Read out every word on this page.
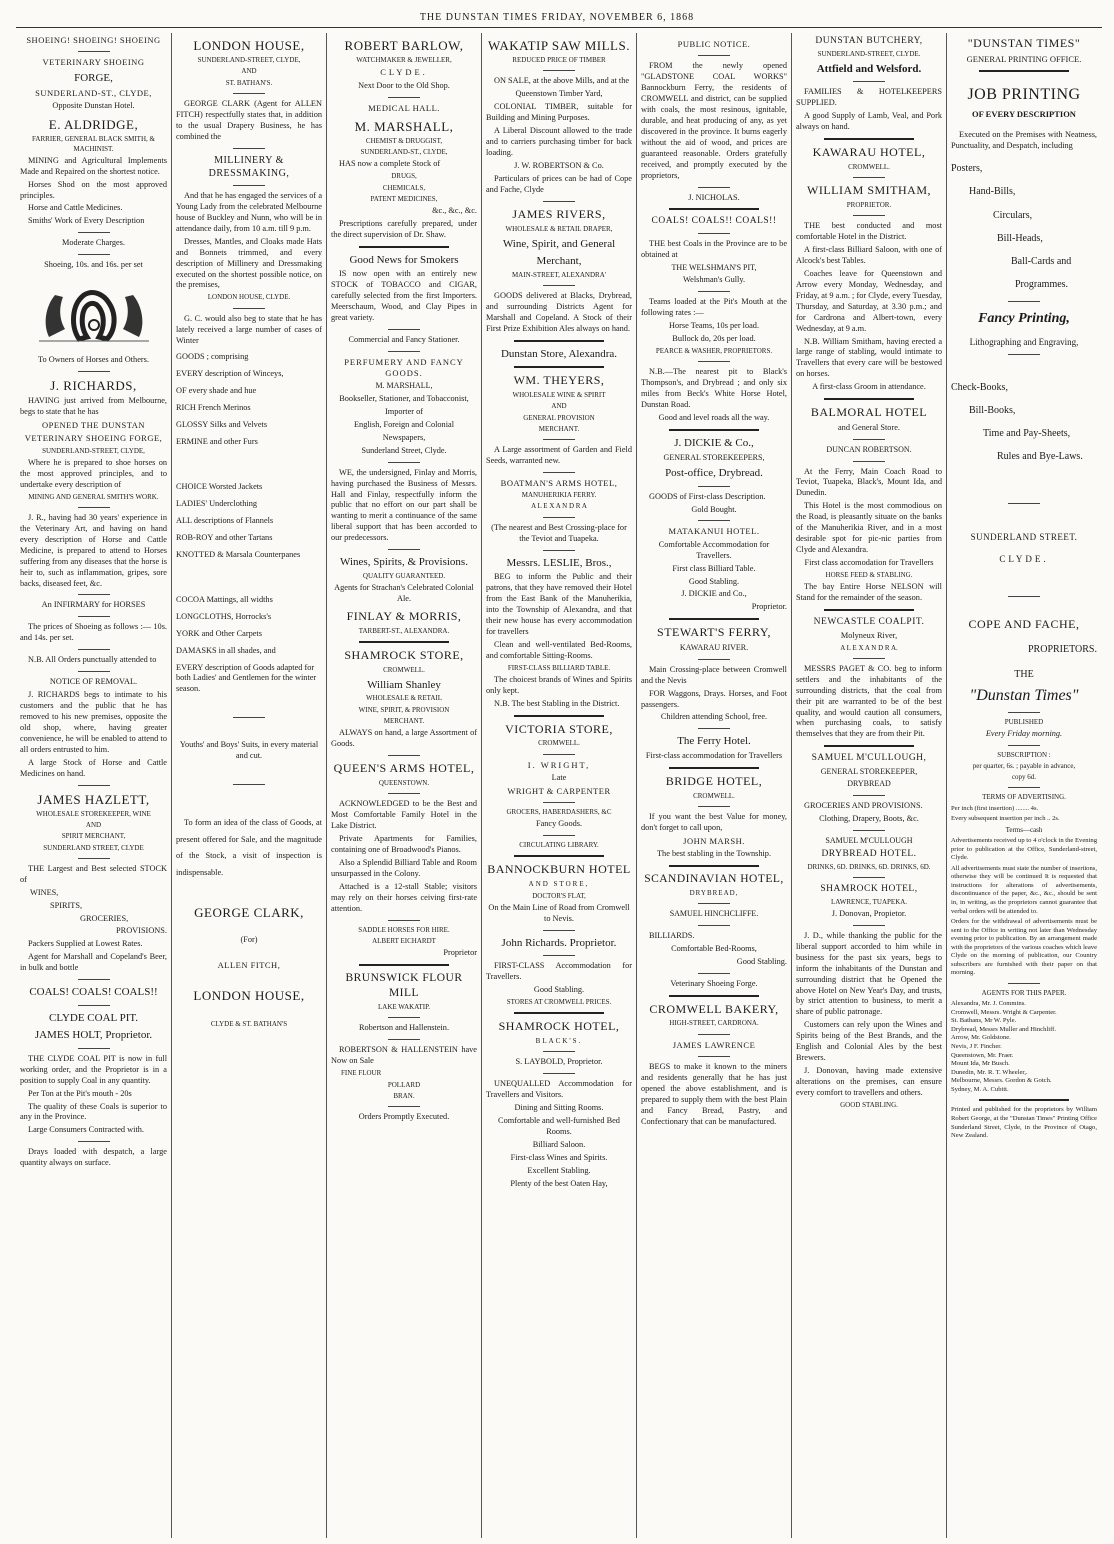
THE DUNSTAN TIMES FRIDAY, NOVEMBER 6, 1868
SHOEING! SHOEING! SHOEING
VETERINARY SHOEING
FORGE,
SUNDERLAND-ST., CLYDE,
Opposite Dunstan Hotel.
E. ALDRIDGE,
FARRIER, GENERAL BLACK SMITH, & MACHINIST.
MINING and Agricultural Implements Made and Repaired on the shortest notice.
Horses Shod on the most approved principles.
Horse and Cattle Medicines.
Smiths' Work of Every Description
Moderate Charges.
Shoeing, 10s. and 16s. per set
To Owners of Horses and Others.
J. RICHARDS,
HAVING just arrived from Melbourne, begs to state that he has
OPENED THE DUNSTAN
VETERINARY SHOEING FORGE,
SUNDERLAND-STREET, CLYDE,
Where he is prepared to shoe horses on the most approved principles, and to undertake every description of
MINING AND GENERAL SMITH'S WORK.
J. R., having had 30 years' experience in the Veterinary Art, and having on hand every description of Horse and Cattle Medicine, is prepared to attend to Horses suffering from any diseases that the horse is heir to, such as inflammation, gripes, sore backs, diseased feet, &c.
An INFIRMARY for HORSES
The prices of Shoeing as follows :— 10s. and 14s. per set.
N.B. All Orders punctually attended to
NOTICE OF REMOVAL.
J. RICHARDS begs to intimate to his customers and the public that he has removed to his new premises, opposite the old shop, where, having greater convenience, he will be enabled to attend to all orders entrusted to him.
A large Stock of Horse and Cattle Medicines on hand.
JAMES HAZLETT,
WHOLESALE STOREKEEPER, WINE
AND
SPIRIT MERCHANT,
SUNDERLAND STREET, CLYDE
THE Largest and Best selected STOCK of
WINES,
SPIRITS,
GROCERIES,
PROVISIONS.
Packers Supplied at Lowest Rates.
Agent for Marshall and Copeland's Beer, in bulk and bottle
COALS! COALS! COALS!!
CLYDE COAL PIT.
JAMES HOLT, Proprietor.
THE CLYDE COAL PIT is now in full working order, and the Proprietor is in a position to supply Coal in any quantity.
Per Ton at the Pit's mouth - 20s
The quality of these Coals is superior to any in the Province.
Large Consumers Contracted with.
Drays loaded with despatch, a large quantity always on surface.
LONDON HOUSE,
SUNDERLAND-STREET, CLYDE,
AND
ST. BATHAN'S.
GEORGE CLARK (Agent for ALLEN FITCH) respectfully states that, in addition to the usual Drapery Business, he has combined the
MILLINERY & DRESSMAKING,
And that he has engaged the services of a Young Lady from the celebrated Melbourne house of Buckley and Nunn, who will be in attendance daily, from 10 a.m. till 9 p.m.
Dresses, Mantles, and Cloaks made Hats and Bonnets trimmed, and every description of Millinery and Dressmaking executed on the shortest possible notice, on the premises,
LONDON HOUSE, CLYDE.
G. C. would also beg to state that he has lately received a large number of cases of Winter
GOODS ; comprising
EVERY description of Winceys,
OF every shade and hue
RICH French Merinos
GLOSSY Silks and Velvets
ERMINE and other Furs
CHOICE Worsted Jackets
LADIES' Underclothing
ALL descriptions of Flannels
ROB-ROY and other Tartans
KNOTTED & Marsala Counterpanes
COCOA Mattings, all widths
LONGCLOTHS, Horrocks's
YORK and Other Carpets
DAMASKS in all shades, and
EVERY description of Goods adapted for both Ladies' and Gentlemen for the winter season.
Youths' and Boys' Suits, in every material and cut.
To form an idea of the class of Goods, at present offered for Sale, and the magnitude of the Stock, a visit of inspection is indispensable.
GEORGE CLARK,
(For)
ALLEN FITCH,
LONDON HOUSE,
CLYDE & ST. BATHAN'S
ROBERT BARLOW,
WATCHMAKER & JEWELLER,
CLYDE.
Next Door to the Old Shop.
MEDICAL HALL.
M. MARSHALL,
CHEMIST & DRUGGIST,
SUNDERLAND-ST., CLYDE,
HAS now a complete Stock of
DRUGS,
CHEMICALS,
PATENT MEDICINES,
&c., &c., &c.
Prescriptions carefully prepared, under the direct supervision of Dr. Shaw.
Good News for Smokers
IS now open with an entirely new STOCK of TOBACCO and CIGAR, carefully selected from the first Importers. Meerschaum, Wood, and Clay Pipes in great variety.
Commercial and Fancy Stationer.
PERFUMERY AND FANCY GOODS.
M. MARSHALL,
Bookseller, Stationer, and Tobacconist,
Importer of
English, Foreign and Colonial
Newspapers,
Sunderland Street, Clyde.
WE, the undersigned, Finlay and Morris, having purchased the Business of Messrs. Hall and Finlay, respectfully inform the public that no effort on our part shall be wanting to merit a continuance of the same liberal support that has been accorded to our predecessors.
Wines, Spirits, & Provisions.
QUALITY GUARANTEED.
Agents for Strachan's Celebrated Colonial Ale.
FINLAY & MORRIS,
TARBERT-ST., ALEXANDRA.
SHAMROCK STORE,
CROMWELL.
William Shanley
WHOLESALE & RETAIL
WINE, SPIRIT, & PROVISION
MERCHANT.
ALWAYS on hand, a large Assortment of Goods.
QUEEN'S ARMS HOTEL,
QUEENSTOWN.
ACKNOWLEDGED to be the Best and Most Comfortable Family Hotel in the Lake District.
Private Apartments for Families, containing one of Broadwood's Pianos.
Also a Splendid Billiard Table and Room unsurpassed in the Colony.
Attached is a 12-stall Stable; visitors may rely on their horses ceiving first-rate attention.
SADDLE HORSES FOR HIRE.
ALBERT EICHARDT
Proprietor
BRUNSWICK FLOUR MILL
LAKE WAKATIP.
Robertson and Hallenstein.
ROBERTSON & HALLENSTEIN have Now on Sale
FINE FLOUR
POLLARD
BRAN.
Orders Promptly Executed.
WAKATIP SAW MILLS.
REDUCED PRICE OF TIMBER
ON SALE, at the above Mills, and at the
Queenstown Timber Yard,
COLONIAL TIMBER, suitable for Building and Mining Purposes.
A Liberal Discount allowed to the trade and to carriers purchasing timber for back loading.
J. W. ROBERTSON & Co.
Particulars of prices can be had of Cope and Fache, Clyde
JAMES RIVERS,
WHOLESALE & RETAIL DRAPER,
Wine, Spirit, and General
Merchant,
MAIN-STREET, ALEXANDRA'
GOODS delivered at Blacks, Drybread, and surrounding Districts Agent for Marshall and Copeland. A Stock of their First Prize Exhibition Ales always on hand.
Dunstan Store, Alexandra.
WM. THEYERS,
WHOLESALE WINE & SPIRIT
AND
GENERAL PROVISION
MERCHANT.
A Large assortment of Garden and Field Seeds, warranted new.
BOATMAN'S ARMS HOTEL,
MANUHERIKIA FERRY.
A L E X A N D R A
(The nearest and Best Crossing-place for the Teviot and Tuapeka.
Messrs. LESLIE, Bros.,
BEG to inform the Public and their patrons, that they have removed their Hotel from the East Bank of the Manuherikia, into the Township of Alexandra, and that their new house has every accommodation for travellers
Clean and well-ventilated Bed-Rooms, and comfortable Sitting-Rooms.
FIRST-CLASS BILLIARD TABLE.
The choicest brands of Wines and Spirits only kept.
N.B. The best Stabling in the District.
VICTORIA STORE,
CROMWELL.
I. WRIGHT,
Late
WRIGHT & CARPENTER
GROCERS, HABERDASHERS, &C
Fancy Goods.
CIRCULATING LIBRARY.
BANNOCKBURN HOTEL
AND STORE,
DOCTOR'S FLAT,
On the Main Line of Road from Cromwell to Nevis.
John Richards. Proprietor.
FIRST-CLASS Accommodation for Travellers.
Good Stabling.
STORES AT CROMWELL PRICES.
SHAMROCK HOTEL,
BLACK'S.
S. LAYBOLD, Proprietor.
UNEQUALLED Accommodation for Travellers and Visitors.
Dining and Sitting Rooms.
Comfortable and well-furnished Bed Rooms.
Billiard Saloon.
First-class Wines and Spirits.
Excellent Stabling.
Plenty of the best Oaten Hay,
PUBLIC NOTICE.
FROM the newly opened "GLADSTONE COAL WORKS" Bannockburn Ferry, the residents of CROMWELL and district, can be supplied with coals, the most resinous, ignitable, durable, and heat producing of any, as yet discovered in the province. It burns eagerly without the aid of wood, and prices are guaranteed reasonable. Orders gratefully received, and promptly executed by the proprietors,
J. NICHOLAS.
COALS! COALS!! COALS!!
THE best Coals in the Province are to be obtained at
THE WELSHMAN'S PIT,
Welshman's Gully.
Teams loaded at the Pit's Mouth at the following rates :—
Horse Teams, 10s per load.
Bullock do, 20s per load.
PEARCE & WASHER, PROPRIETORS.
N.B.—The nearest pit to Black's Thompson's, and Drybread ; and only six miles from Beck's White Horse Hotel, Dunstan Road.
Good and level roads all the way.
J. DICKIE & Co.,
GENERAL STOREKEEPERS,
Post-office, Drybread.
GOODS of First-class Description.
Gold Bought.
MATAKANUI HOTEL.
Comfortable Accommodation for Travellers.
First class Billiard Table.
Good Stabling.
J. DICKIE and Co.,
Proprietor.
STEWART'S FERRY,
KAWARAU RIVER.
Main Crossing-place between Cromwell and the Nevis
FOR Waggons, Drays. Horses, and Foot passengers.
Children attending School, free.
The Ferry Hotel.
First-class accommodation for Travellers
BRIDGE HOTEL,
CROMWELL.
If you want the best Value for money, don't forget to call upon,
JOHN MARSH.
The best stabling in the Township.
SCANDINAVIAN HOTEL,
DRYBREAD,
SAMUEL HINCHCLIFFE.
BILLIARDS.
Comfortable Bed-Rooms,
Good Stabling.
Veterinary Shoeing Forge.
CROMWELL BAKERY,
HIGH-STREET, CARDRONA.
JAMES LAWRENCE
BEGS to make it known to the miners and residents generally that he has just opened the above establishment, and is prepared to supply them with the best Plain and Fancy Bread, Pastry, and Confectionary that can be manufactured.
DUNSTAN BUTCHERY,
SUNDERLAND-STREET, CLYDE.
Attfield and Welsford.
FAMILIES & HOTELKEEPERS SUPPLIED.
A good Supply of Lamb, Veal, and Pork always on hand.
KAWARAU HOTEL,
CROMWELL.
WILLIAM SMITHAM,
PROPRIETOR.
THE best conducted and most comfortable Hotel in the District.
A first-class Billiard Saloon, with one of Alcock's best Tables.
Coaches leave for Queenstown and Arrow every Monday, Wednesday, and Friday, at 9 a.m. ; for Clyde, every Tuesday, Thursday, and Saturday, at 3.30 p.m.; and for Cardrona and Albert-town, every Wednesday, at 9 a.m.
N.B. William Smitham, having erected a large range of stabling, would intimate to Travellers that every care will be bestowed on horses.
A first-class Groom in attendance.
BALMORAL HOTEL
and General Store.
DUNCAN ROBERTSON.
At the Ferry, Main Coach Road to Teviot, Tuapeka, Black's, Mount Ida, and Dunedin.
This Hotel is the most commodious on the Road, is pleasantly situate on the banks of the Manuherikia River, and in a most desirable spot for pic-nic parties from Clyde and Alexandra.
First class accomodation for Travellers
HORSE FEED & STABLING.
The bay Entire Horse NELSON will Stand for the remainder of the season.
NEWCASTLE COALPIT.
Molyneux River,
A L E X A N D R A.
MESSRS PAGET & CO. beg to inform settlers and the inhabitants of the surrounding districts, that the coal from their pit are warranted to be of the best quality, and would caution all consumers, when purchasing coals, to satisfy themselves that they are from their Pit.
SAMUEL M'CULLOUGH,
GENERAL STOREKEEPER,
DRYBREAD
GROCERIES AND PROVISIONS.
Clothing, Drapery, Boots, &c.
SAMUEL M'CULLOUGH
DRYBREAD HOTEL.
DRINKS, 6D. DRINKS, 6D. DRINKS, 6D.
SHAMROCK HOTEL,
LAWRENCE, TUAPEKA.
J. Donovan, Propietor.
J. D., while thanking the public for the liberal support accorded to him while in business for the past six years, begs to inform the inhabitants of the Dunstan and surrounding district that he Opened the above Hotel on New Year's Day, and trusts, by strict attention to business, to merit a share of public patronage.
Customers can rely upon the Wines and Spirits being of the Best Brands, and the English and Colonial Ales by the best Brewers.
J. Donovan, having made extensive alterations on the premises, can ensure every comfort to travellers and others.
GOOD STABLING.
"DUNSTAN TIMES"
GENERAL PRINTING OFFICE.
JOB PRINTING
OF EVERY DESCRIPTION
Executed on the Premises with Neatness, Punctuality, and Despatch, including
Posters,
Hand-Bills,
Circulars,
Bill-Heads,
Ball-Cards and
Programmes.
Fancy Printing,
Lithographing and Engraving,
Check-Books,
Bill-Books,
Time and Pay-Sheets,
Rules and Bye-Laws.
SUNDERLAND STREET.
CLYDE.
COPE AND FACHE,
PROPRIETORS.
THE
"Dunstan Times"
PUBLISHED
Every Friday morning.
SUBSCRIPTION :
per quarter, 6s. ; payable in advance,
copy 6d.
TERMS OF ADVERTISING.
Per inch (first insertion) ........ 4s.
Every subsequent insertion per inch .. 2s.
Terms—cash
Advertisements received up to 4 o'clock in the Evening prior to publication at the Office, Sunderland-street, Clyde.
All advertisements must state the number of insertions, otherwise they will be continued It is requested that instructions for alterations of advertisements, discontinuance of the paper, &c., &c., should be sent in, in writing, as the proprietors cannot guarantee that verbal orders will be attended to.
Orders for the withdrawal of advertisements must be sent to the Office in writing not later than Wednesday evening prior to publication. By an arrangement made with the proprietors of the various coaches which leave Clyde on the morning of publication, our Country subscribers are furnished with their paper on that morning.
AGENTS FOR THIS PAPER.
Alexandra, Mr. J. Commins.
Cromwell, Messrs. Wright & Carpenter.
St. Bathans, Mr W. Pyle.
Drybread, Messrs Muller and Hinchliff.
Arrow, Mr. Goldstone.
Nevis, J F. Fincher.
Queenstown, Mr. Fraer.
Mount Ida, Mr Busch.
Dunedin, Mr. R. T. Wheeler,.
Melbourne, Messrs. Gordon & Gotch.
Sydney, M. A. Cubitt.
Printed and published for the proprietors by William Robert George, at the "Dunstan Times" Printing Office Sunderland Street, Clyde, in the Province of Otago, New Zealand.
